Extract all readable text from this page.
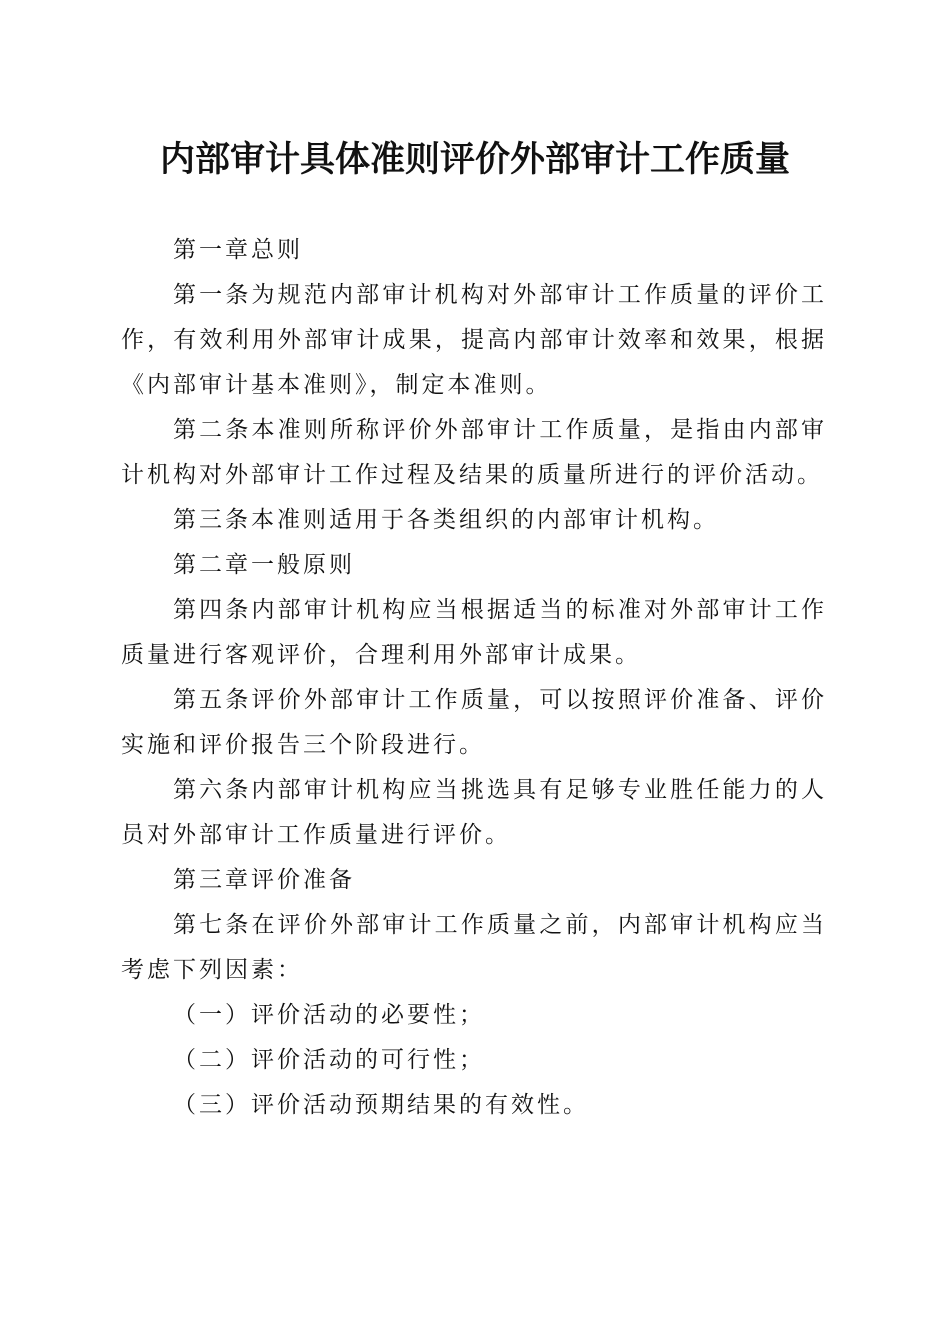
内部审计具体准则评价外部审计工作质量

第一章总则

第一条为规范内部审计机构对外部审计工作质量的评价工作，有效利用外部审计成果，提高内部审计效率和效果，根据《内部审计基本准则》，制定本准则。

第二条本准则所称评价外部审计工作质量，是指由内部审计机构对外部审计工作过程及结果的质量所进行的评价活动。

第三条本准则适用于各类组织的内部审计机构。

第二章一般原则

第四条内部审计机构应当根据适当的标准对外部审计工作质量进行客观评价，合理利用外部审计成果。

第五条评价外部审计工作质量，可以按照评价准备、评价实施和评价报告三个阶段进行。

第六条内部审计机构应当挑选具有足够专业胜任能力的人员对外部审计工作质量进行评价。

第三章评价准备

第七条在评价外部审计工作质量之前，内部审计机构应当考虑下列因素：

（一）评价活动的必要性；

（二）评价活动的可行性；

（三）评价活动预期结果的有效性。
